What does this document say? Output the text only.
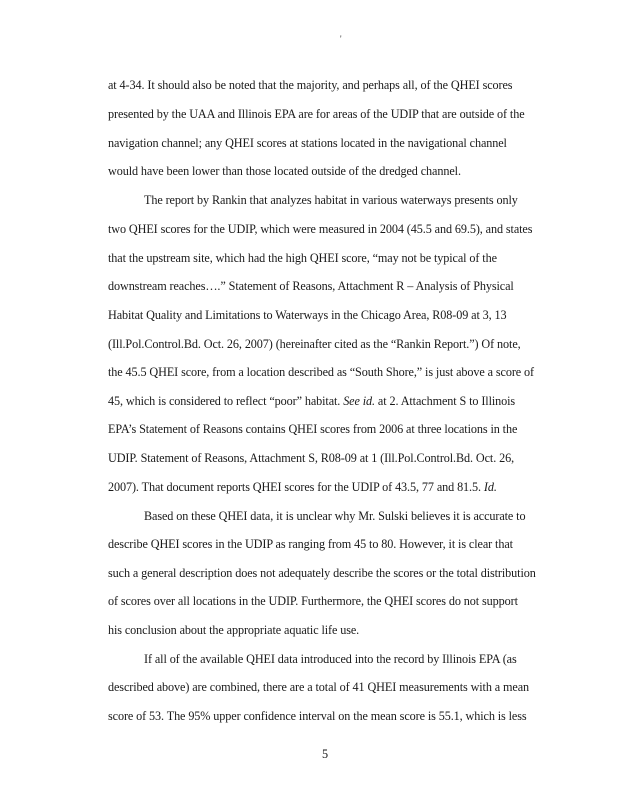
'
at 4-34. It should also be noted that the majority, and perhaps all, of the QHEI scores
presented by the UAA and Illinois EPA are for areas of the UDIP that are outside of the
navigation channel; any QHEI scores at stations located in the navigational channel
would have been lower than those located outside of the dredged channel.
The report by Rankin that analyzes habitat in various waterways presents only
two QHEI scores for the UDIP, which were measured in 2004 (45.5 and 69.5), and states
that the upstream site, which had the high QHEI score, “may not be typical of the
downstream reaches….” Statement of Reasons, Attachment R – Analysis of Physical
Habitat Quality and Limitations to Waterways in the Chicago Area, R08-09 at 3, 13
(Ill.Pol.Control.Bd. Oct. 26, 2007) (hereinafter cited as the “Rankin Report.”) Of note,
the 45.5 QHEI score, from a location described as “South Shore,” is just above a score of
45, which is considered to reflect “poor” habitat. See id. at 2. Attachment S to Illinois
EPA’s Statement of Reasons contains QHEI scores from 2006 at three locations in the
UDIP. Statement of Reasons, Attachment S, R08-09 at 1 (Ill.Pol.Control.Bd. Oct. 26,
2007). That document reports QHEI scores for the UDIP of 43.5, 77 and 81.5. Id.
Based on these QHEI data, it is unclear why Mr. Sulski believes it is accurate to
describe QHEI scores in the UDIP as ranging from 45 to 80. However, it is clear that
such a general description does not adequately describe the scores or the total distribution
of scores over all locations in the UDIP. Furthermore, the QHEI scores do not support
his conclusion about the appropriate aquatic life use.
If all of the available QHEI data introduced into the record by Illinois EPA (as
described above) are combined, there are a total of 41 QHEI measurements with a mean
score of 53. The 95% upper confidence interval on the mean score is 55.1, which is less
5
